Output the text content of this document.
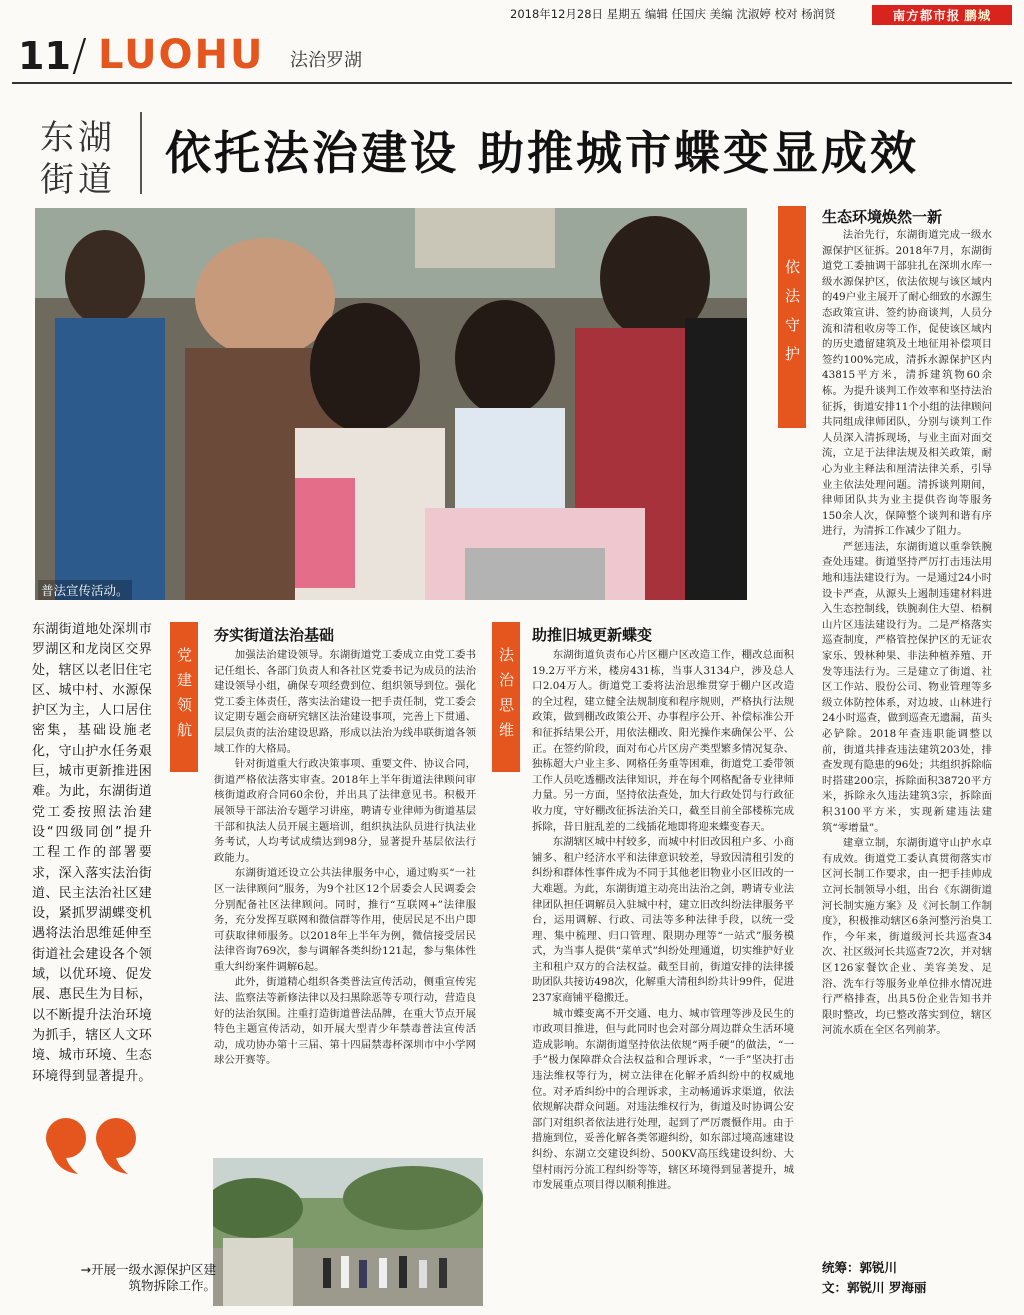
2018年12月28日 星期五 编辑 任国庆 美编 沈淑婷 校对 杨润贤	南方都市报 鹏城
11 / LUOHU 法治罗湖
东湖
街道 依托法治建设 助推城市蝶变显成效
普法宣传活动。
东湖街道地处深圳市罗湖区和龙岗区交界处，辖区以老旧住宅区、城中村、水源保护区为主，人口居住密集，基础设施老化，守山护水任务艰巨，城市更新推进困难。为此，东湖街道党工委按照法治建设“四级同创”提升工程工作的部署要求，深入落实法治街道、民主法治社区建设，紧抓罗湖蝶变机遇将法治思维延伸至街道社会建设各个领域，以优环境、促发展、惠民生为目标，以不断提升法治环境为抓手，辖区人文环境、城市环境、生态环境得到显著提升。
党建领航
夯实街道法治基础

加强法治建设领导。东湖街道党工委成立由党工委书记任组长、各部门负责人和各社区党委书记为成员的法治建设领导小组，确保专项经费到位、组织领导到位。强化党工委主体责任，落实法治建设一把手责任制，党工委会议定期专题会商研究辖区法治建设事项，完善上下贯通、层层负责的法治建设思路，形成以法治为线串联街道各领域工作的大格局。

针对街道重大行政决策事项、重要文件、协议合同，街道严格依法落实审查。2018年上半年街道法律顾问审核街道政府合同60余份，并出具了法律意见书。积极开展领导干部法治专题学习讲座，聘请专业律师为街道基层干部和执法人员开展主题培训，组织执法队员进行执法业务考试，人均考试成绩达到98分，显著提升基层依法行政能力。

东湖街道还设立公共法律服务中心，通过购买“一社区一法律顾问”服务，为9个社区12个居委会人民调委会分别配备社区法律顾问。同时，推行“互联网+”法律服务，充分发挥互联网和微信群等作用，使居民足不出户即可获取律师服务。以2018年上半年为例，微信接受居民法律咨询769次，参与调解各类纠纷121起，参与集体性重大纠纷案件调解6起。

此外，街道精心组织各类普法宣传活动，侧重宣传宪法、监察法等新修法律以及扫黑除恶等专项行动，营造良好的法治氛围。注重打造街道普法品牌，在重大节点开展特色主题宣传活动，如开展大型青少年禁毒普法宣传活动，成功协办第十三届、第十四届禁毒杯深圳市中小学网球公开赛等。

法治思维
助推旧城更新蝶变

东湖街道负责布心片区棚户区改造工作，棚改总面积19.2万平方米，楼房431栋，当事人3134户，涉及总人口2.04万人。街道党工委将法治思维贯穿于棚户区改造的全过程，建立健全法规制度和程序规则，严格执行法规政策，做到棚改政策公开、办事程序公开、补偿标准公开和征拆结果公开，用依法棚改、阳光操作来确保公平、公正。在签约阶段，面对布心片区房产类型繁多情况复杂、独栋超大户业主多、网格任务重等困难，街道党工委带领工作人员吃透棚改法律知识，并在每个网格配备专业律师力量。另一方面，坚持依法查处，加大行政处罚与行政征收力度，守好棚改征拆法治关口，截至目前全部楼栋完成拆除，昔日脏乱差的二线插花地即将迎来蝶变春天。

东湖辖区城中村较多，而城中村旧改因租户多、小商铺多、租户经济水平和法律意识较差，导致因清租引发的纠纷和群体性事件成为不同于其他老旧物业小区旧改的一大难题。为此，东湖街道主动亮出法治之剑，聘请专业法律团队担任调解员入驻城中村，建立旧改纠纷法律服务平台，运用调解、行政、司法等多种法律手段，以统一受理、集中梳理、归口管理、限期办理等“一站式”服务模式，为当事人提供“菜单式”纠纷处理通道，切实维护好业主和租户双方的合法权益。截至目前，街道安排的法律援助团队共接访498次，化解重大清租纠纷共计99件，促进237家商铺平稳搬迁。

城市蝶变离不开交通、电力、城市管理等涉及民生的市政项目推进，但与此同时也会对部分周边群众生活环境造成影响。东湖街道坚持依法依规“两手硬”的做法，“一手”极力保障群众合法权益和合理诉求，“一手”坚决打击违法维权等行为，树立法律在化解矛盾纠纷中的权威地位。对矛盾纠纷中的合理诉求，主动畅通诉求渠道，依法依规解决群众问题。对违法维权行为，街道及时协调公安部门对组织者依法进行处理，起到了严厉震慑作用。由于措施到位，妥善化解各类邻避纠纷，如东部过境高速建设纠纷、东湖立交建设纠纷、500KV高压线建设纠纷、大望村雨污分流工程纠纷等等，辖区环境得到显著提升，城市发展重点项目得以顺利推进。

依法守护
生态环境焕然一新

法治先行，东湖街道完成一级水源保护区征拆。2018年7月，东湖街道党工委抽调干部驻扎在深圳水库一级水源保护区，依法依规与该区域内的49户业主展开了耐心细致的水源生态政策宣讲、签约协商谈判，人员分流和清租收房等工作，促使该区域内的历史遗留建筑及土地征用补偿项目签约100%完成，清拆水源保护区内43815平方米，清拆建筑物60余栋。为提升谈判工作效率和坚持法治征拆，街道安排11个小组的法律顾问共同组成律师团队，分别与谈判工作人员深入清拆现场，与业主面对面交流，立足于法律法规及相关政策，耐心为业主释法和厘清法律关系，引导业主依法处理问题。清拆谈判期间，律师团队共为业主提供咨询等服务150余人次，保障整个谈判和谐有序进行，为清拆工作减少了阻力。

严惩违法，东湖街道以重拳铁腕查处违建。街道坚持严厉打击违法用地和违法建设行为。一是通过24小时设卡严查，从源头上遏制违建材料进入生态控制线，铁腕刹住大望、梧桐山片区违法建设行为。二是严格落实巡查制度，严格管控保护区的无证农家乐、毁林种果、非法种植养殖、开发等违法行为。三是建立了街道、社区工作站、股份公司、物业管理等多级立体防控体系，对边坡、山林进行24小时巡查，做到巡查无遗漏，苗头必铲除。2018年查违职能调整以前，街道共排查违法建筑203处，排查发现有隐患的96处；共组织拆除临时搭建200宗，拆除面积38720平方米，拆除永久违法建筑3宗，拆除面积3100平方米，实现新建违法建筑“零增量”。

建章立制，东湖街道守山护水卓有成效。街道党工委认真贯彻落实市区河长制工作要求，由一把手挂帅成立河长制领导小组，出台《东湖街道河长制实施方案》及《河长制工作制度》，积极推动辖区6条河整污治臭工作，今年来，街道级河长共巡查34次、社区级河长共巡查72次，并对辖区126家餐饮企业、美容美发、足浴、洗车行等服务业单位排水情况进行严格排查，出具5份企业告知书并限时整改，均已整改落实到位，辖区河流水质在全区名列前茅。

统筹：郭锐川
文：郭锐川 罗海丽
→开展一级水源保护区建筑物拆除工作。
